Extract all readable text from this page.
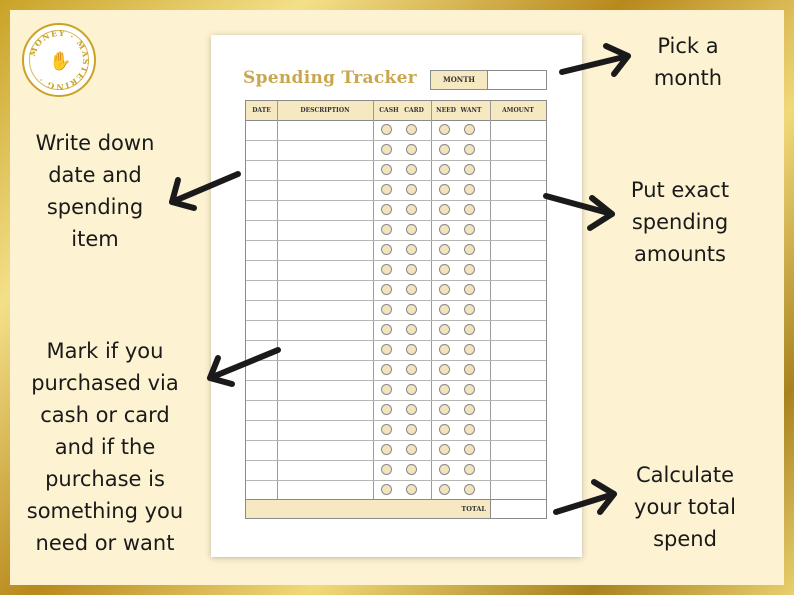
MONEY · MASTERING ·
✋
Spending Tracker	MONTH
DATE	DESCRIPTION	CASH CARD	NEED WANT	AMOUNT
TOTAL
Pick a
month
Write down
date and
spending
item
Put exact
spending
amounts
Mark if you
purchased via
cash or card
and if the
purchase is
something you
need or want
Calculate
your total
spend
